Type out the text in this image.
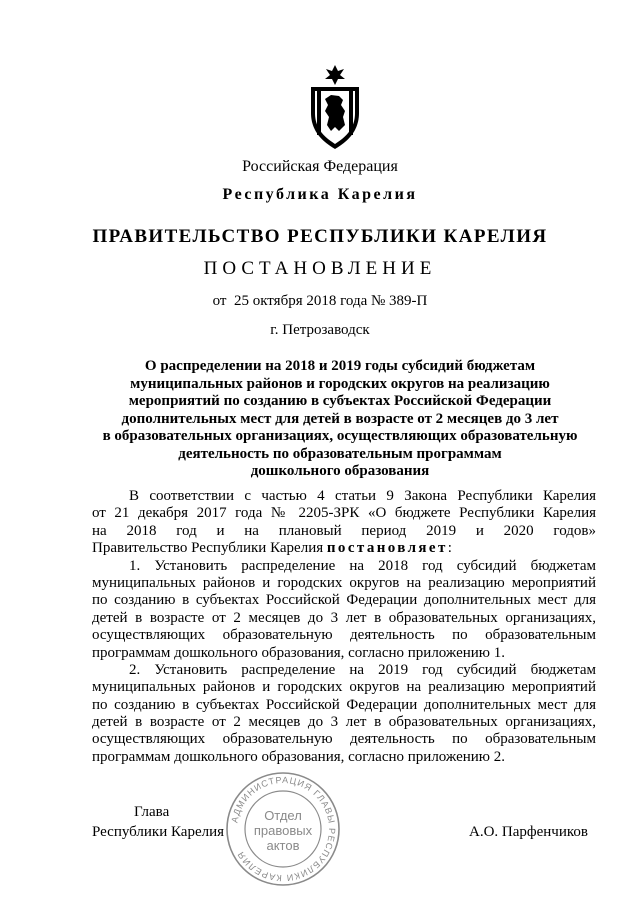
Российская Федерация
Республика Карелия
ПРАВИТЕЛЬСТВО РЕСПУБЛИКИ КАРЕЛИЯ
ПОСТАНОВЛЕНИЕ
от  25 октября 2018 года № 389-П
г. Петрозаводск
О распределении на 2018 и 2019 годы субсидий бюджетам
муниципальных районов и городских округов на реализацию
мероприятий по созданию в субъектах Российской Федерации
дополнительных мест для детей в возрасте от 2 месяцев до 3 лет
в образовательных организациях, осуществляющих образовательную
деятельность по образовательным программам
дошкольного образования
В соответствии с частью 4 статьи 9 Закона Республики Карелия
от 21 декабря 2017 года № 2205-ЗРК «О бюджете Республики Карелия
на 2018 год и на плановый период 2019 и 2020 годов»
Правительство Республики Карелия постановляет:
1. Установить распределение на 2018 год субсидий бюджетам
муниципальных районов и городских округов на реализацию мероприятий
по созданию в субъектах Российской Федерации дополнительных мест для
детей в возрасте от 2 месяцев до 3 лет в образовательных организациях,
осуществляющих образовательную деятельность по образовательным
программам дошкольного образования, согласно приложению 1.
2. Установить распределение на 2019 год субсидий бюджетам
муниципальных районов и городских округов на реализацию мероприятий
по созданию в субъектах Российской Федерации дополнительных мест для
детей в возрасте от 2 месяцев до 3 лет в образовательных организациях,
осуществляющих образовательную деятельность по образовательным
программам дошкольного образования, согласно приложению 2.
Глава
Республики Карелия	А.О. Парфенчиков
АДМИНИСТРАЦИЯ ГЛАВЫ РЕСПУБЛИКИ КАРЕЛИЯ
Отдел
правовых
актов
